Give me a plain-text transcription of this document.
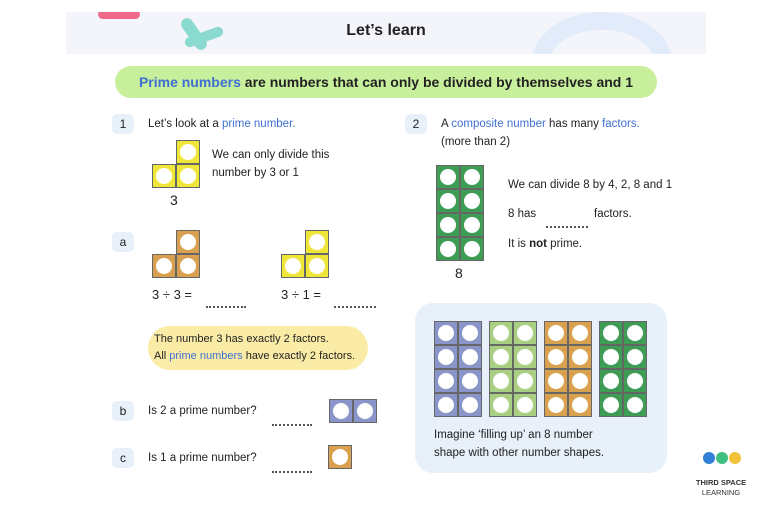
Let’s learn
Prime numbers are numbers that can only be divided by themselves and 1
1	Let’s look at a prime number.
3
We can only divide this
number by 3 or 1
a
3 ÷ 3 =	3 ÷ 1 =
The number 3 has exactly 2 factors.
All prime numbers have exactly 2 factors.
b	Is 2 a prime number?
c	Is 1 a prime number?
2	A composite number has many factors.
(more than 2)
8
We can divide 8 by 4, 2, 8 and 1
8 has	factors.
It is not prime.
Imagine ‘filling up’ an 8 number
shape with other number shapes.
THIRD SPACE
LEARNING
